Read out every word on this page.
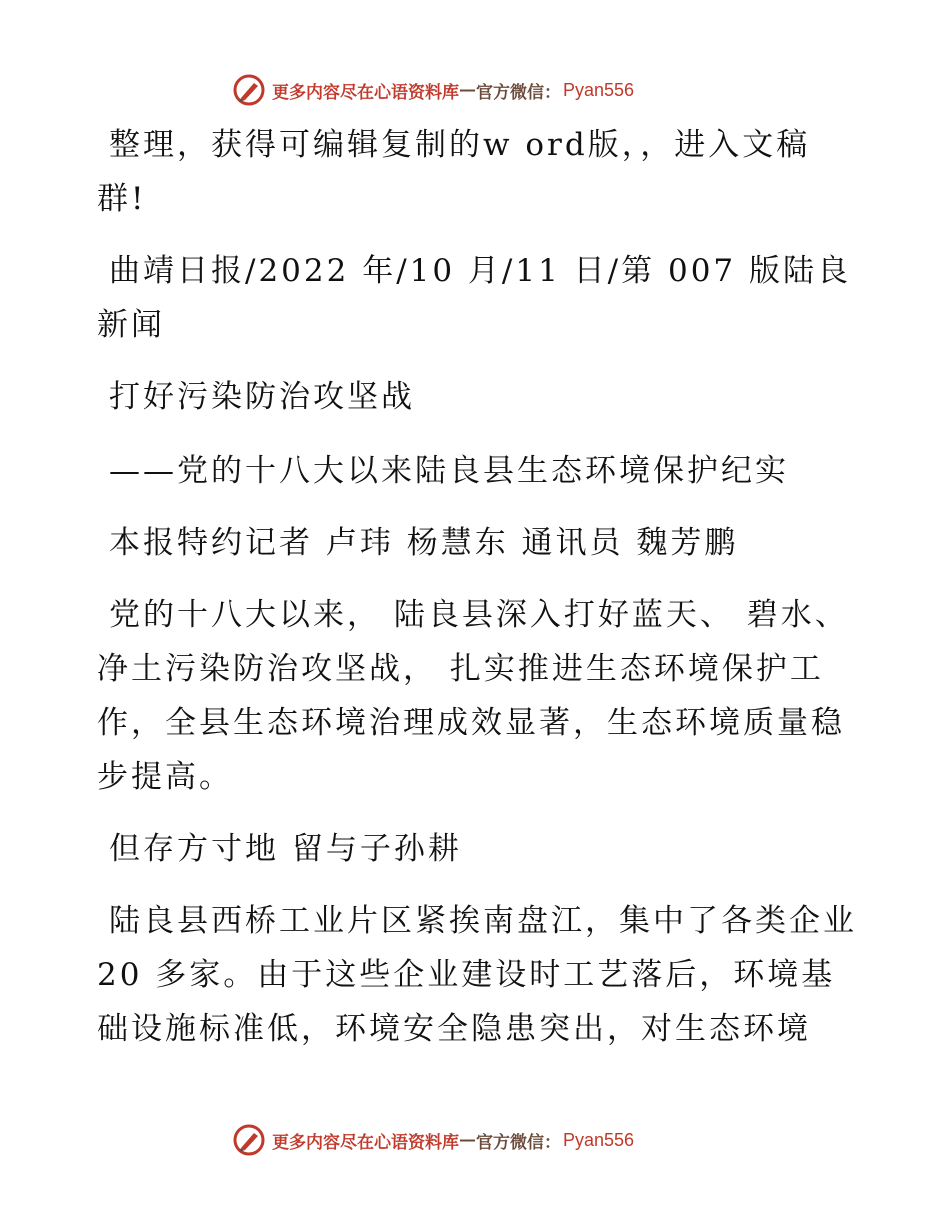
更多内容尽在心语资料库 — 官方微信： Pyan556

整理，获得可编辑复制的w ord版，，进入文稿群!

曲靖日报/2022 年/10 月/11 日/第 007 版陆良新闻

打好污染防治攻坚战

——党的十八大以来陆良县生态环境保护纪实

本报特约记者 卢玮 杨慧东 通讯员 魏芳鹏

党的十八大以来， 陆良县深入打好蓝天、 碧水、 净土污染防治攻坚战， 扎实推进生态环境保护工作，全县生态环境治理成效显著，生态环境质量稳步提高。

但存方寸地 留与子孙耕

陆良县西桥工业片区紧挨南盘江，集中了各类企业 20 多家。由于这些企业建设时工艺落后，环境基础设施标准低，环境安全隐患突出，对生态环境

更多内容尽在心语资料库 — 官方微信： Pyan556
